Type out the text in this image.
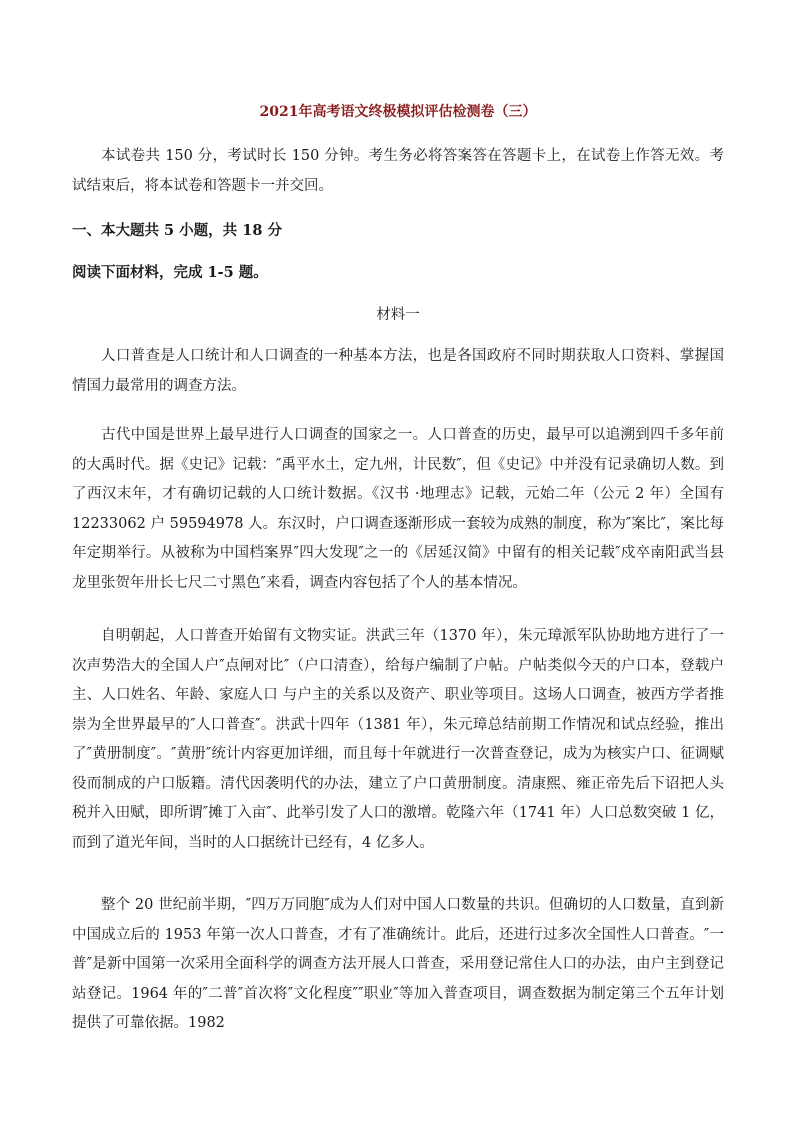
2021年高考语文终极模拟评估检测卷（三）

本试卷共 150 分，考试时长 150 分钟。考生务必将答案答在答题卡上，在试卷上作答无效。考试结束后，将本试卷和答题卡一并交回。

一、本大题共 5 小题，共 18 分

阅读下面材料，完成 1-5 题。

材料一

人口普查是人口统计和人口调查的一种基本方法，也是各国政府不同时期获取人口资料、掌握国情国力最常用的调查方法。

古代中国是世界上最早进行人口调查的国家之一。人口普查的历史，最早可以追溯到四千多年前的大禹时代。据《史记》记载：″禹平水土，定九州，计民数″，但《史记》中并没有记录确切人数。到了西汉末年，才有确切记载的人口统计数据。《汉书 ·地理志》记载，元始二年（公元 2 年）全国有 12233062 户 59594978 人。东汉时，户口调查逐渐形成一套较为成熟的制度，称为″案比″，案比每年定期举行。从被称为中国档案界″四大发现″之一的《居延汉简》中留有的相关记载″戍卒南阳武当县龙里张贺年卅长七尺二寸黑色″来看，调查内容包括了个人的基本情况。

自明朝起，人口普查开始留有文物实证。洪武三年（1370 年），朱元璋派军队协助地方进行了一次声势浩大的全国人户″点闸对比″（户口清查），给每户编制了户帖。户帖类似今天的户口本，登载户主、人口姓名、年龄、家庭人口 与户主的关系以及资产、职业等项目。这场人口调查，被西方学者推崇为全世界最早的″人口普查″。洪武十四年（1381 年），朱元璋总结前期工作情况和试点经验，推出了″黄册制度″。″黄册″统计内容更加详细，而且每十年就进行一次普查登记，成为为核实户口、征调赋役而制成的户口版籍。清代因袭明代的办法，建立了户口黄册制度。清康熙、雍正帝先后下诏把人头税并入田赋，即所谓″摊丁入亩″、此举引发了人口的激增。乾隆六年（1741 年）人口总数突破 1 亿，而到了道光年间，当时的人口据统计已经有，4 亿多人。

整个 20 世纪前半期，″四万万同胞″成为人们对中国人口数量的共识。但确切的人口数量，直到新中国成立后的 1953 年第一次人口普查，才有了准确统计。此后，还进行过多次全国性人口普查。″一普″是新中国第一次采用全面科学的调查方法开展人口普查，采用登记常住人口的办法，由户主到登记站登记。1964 年的″二普″首次将″文化程度″″职业″等加入普查项目，调查数据为制定第三个五年计划提供了可靠依据。1982
